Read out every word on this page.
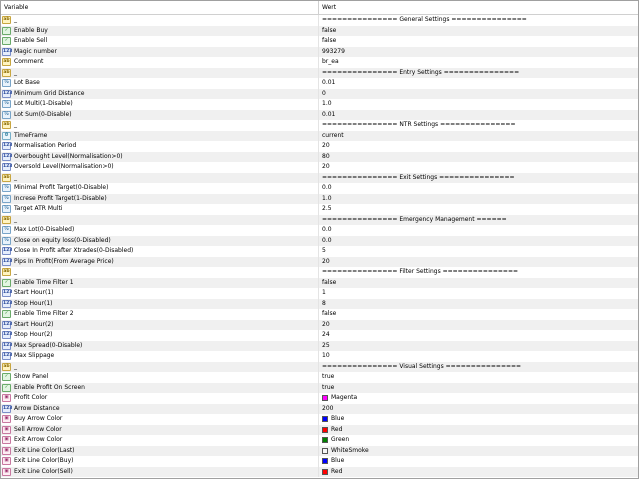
Variable	Wert
ab _	=============== General Settings ===============
✓ Enable Buy	false
✓ Enable Sell	false
123 Magic number	993279
ab Comment	br_ea
ab _	=============== Entry Settings ===============
½ Lot Base	0.01
123 Minimum Grid Distance	0
½ Lot Multi(1-Disable)	1.0
½ Lot Sum(0-Disable)	0.01
ab _	=============== NTR Settings ===============
⏱ TimeFrame	current
123 Normalisation Period	20
123 Overbought Level(Normalisation>0)	80
123 Oversold Level(Normalisation>0)	20
ab _	=============== Exit Settings ===============
½ Minimal Profit Target(0-Disable)	0.0
½ Increse Profit Target(1-Disable)	1.0
½ Target ATR Multi	2.5
ab _	=============== Emergency Management ======
½ Max Lot(0-Disabled)	0.0
½ Close on equity loss(0-Disabled)	0.0
123 Close In Profit after Xtrades(0-Disabled)	5
123 Pips In Profit(From Average Price)	20
ab _	=============== Filter Settings ===============
✓ Enable Time Filter 1	false
123 Start Hour(1)	1
123 Stop Hour(1)	8
✓ Enable Time Filter 2	false
123 Start Hour(2)	20
123 Stop Hour(2)	24
123 Max Spread(0-Disable)	25
123 Max Slippage	10
ab _	=============== Visual Settings ===============
✓ Show Panel	true
✓ Enable Profit On Screen	true
▣ Profit Color	Magenta
123 Arrow Distance	200
▣ Buy Arrow Color	Blue
▣ Sell Arrow Color	Red
▣ Exit Arrow Color	Green
▣ Exit Line Color(Last)	WhiteSmoke
▣ Exit Line Color(Buy)	Blue
▣ Exit Line Color(Sell)	Red
